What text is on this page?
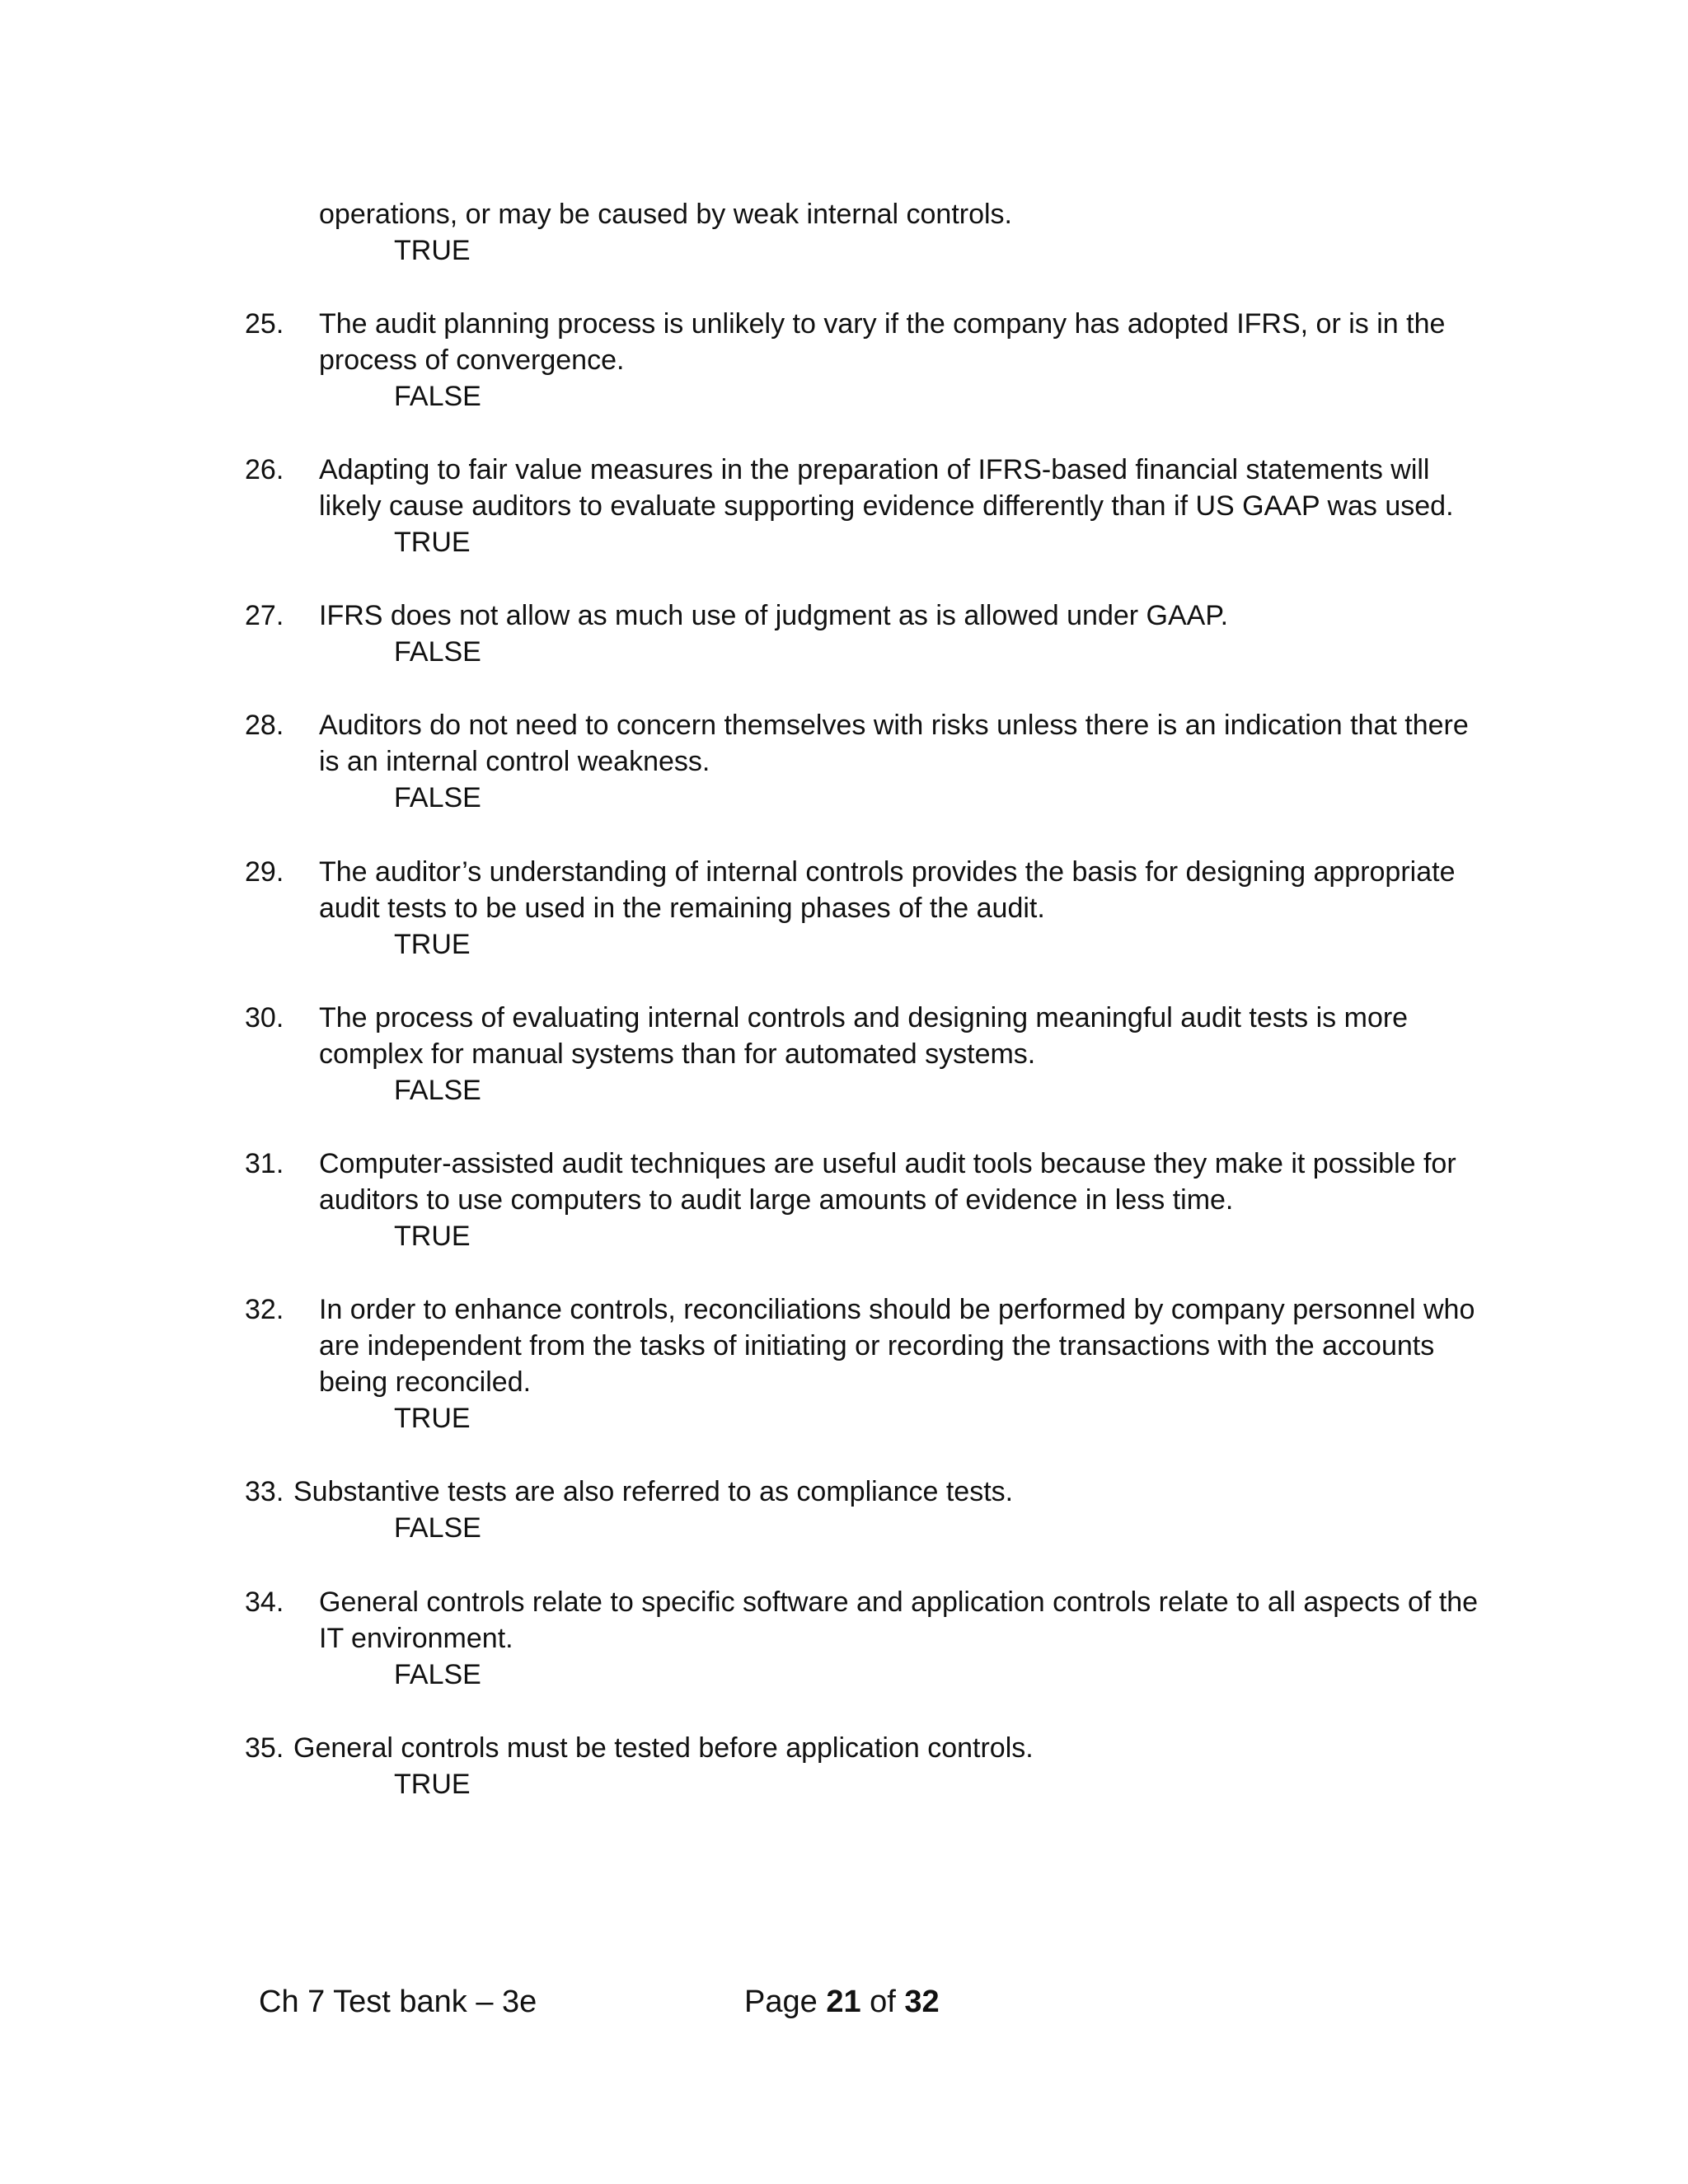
operations, or may be caused by weak internal controls.
TRUE
25. The audit planning process is unlikely to vary if the company has adopted IFRS, or is in the
process of convergence.
FALSE
26. Adapting to fair value measures in the preparation of IFRS-based financial statements will
likely cause auditors to evaluate supporting evidence differently than if US GAAP was used.
TRUE
27. IFRS does not allow as much use of judgment as is allowed under GAAP.
FALSE
28. Auditors do not need to concern themselves with risks unless there is an indication that there
is an internal control weakness.
FALSE
29. The auditor’s understanding of internal controls provides the basis for designing appropriate
audit tests to be used in the remaining phases of the audit.
TRUE
30. The process of evaluating internal controls and designing meaningful audit tests is more
complex for manual systems than for automated systems.
FALSE
31. Computer-assisted audit techniques are useful audit tools because they make it possible for
auditors to use computers to audit large amounts of evidence in less time.
TRUE
32. In order to enhance controls, reconciliations should be performed by company personnel who
are independent from the tasks of initiating or recording the transactions with the accounts
being reconciled.
TRUE
33. Substantive tests are also referred to as compliance tests.
FALSE
34. General controls relate to specific software and application controls relate to all aspects of the
IT environment.
FALSE
35. General controls must be tested before application controls.
TRUE
Ch 7 Test bank – 3e	Page 21 of 32
